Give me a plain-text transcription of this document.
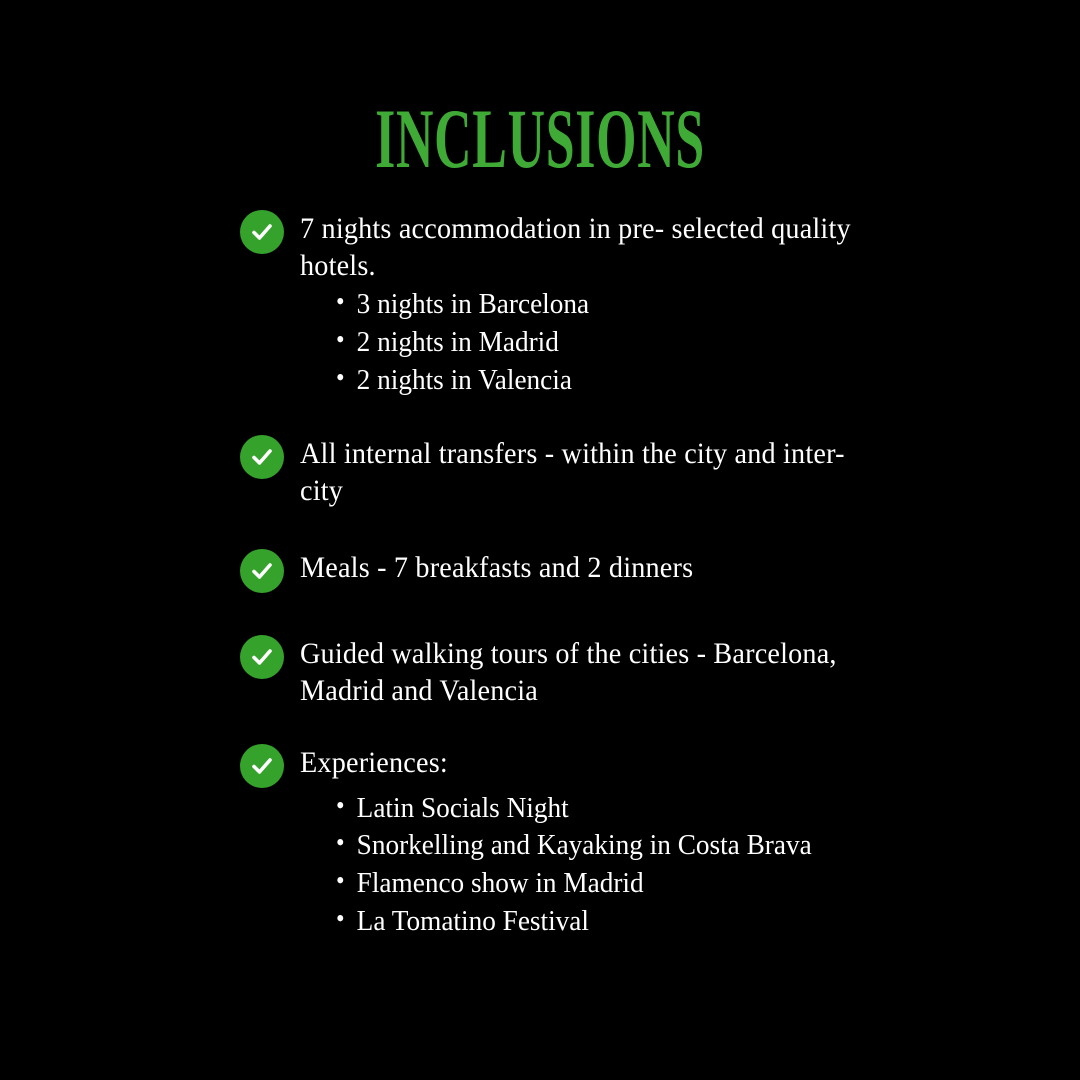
INCLUSIONS
7 nights accommodation in pre- selected quality hotels.
• 3 nights in Barcelona
• 2 nights in Madrid
• 2 nights in Valencia
All internal transfers - within the city and inter-city
Meals - 7 breakfasts and 2 dinners
Guided walking tours of the cities - Barcelona, Madrid and Valencia
Experiences:
• Latin Socials Night
• Snorkelling and Kayaking in Costa Brava
• Flamenco show in Madrid
• La Tomatino Festival
